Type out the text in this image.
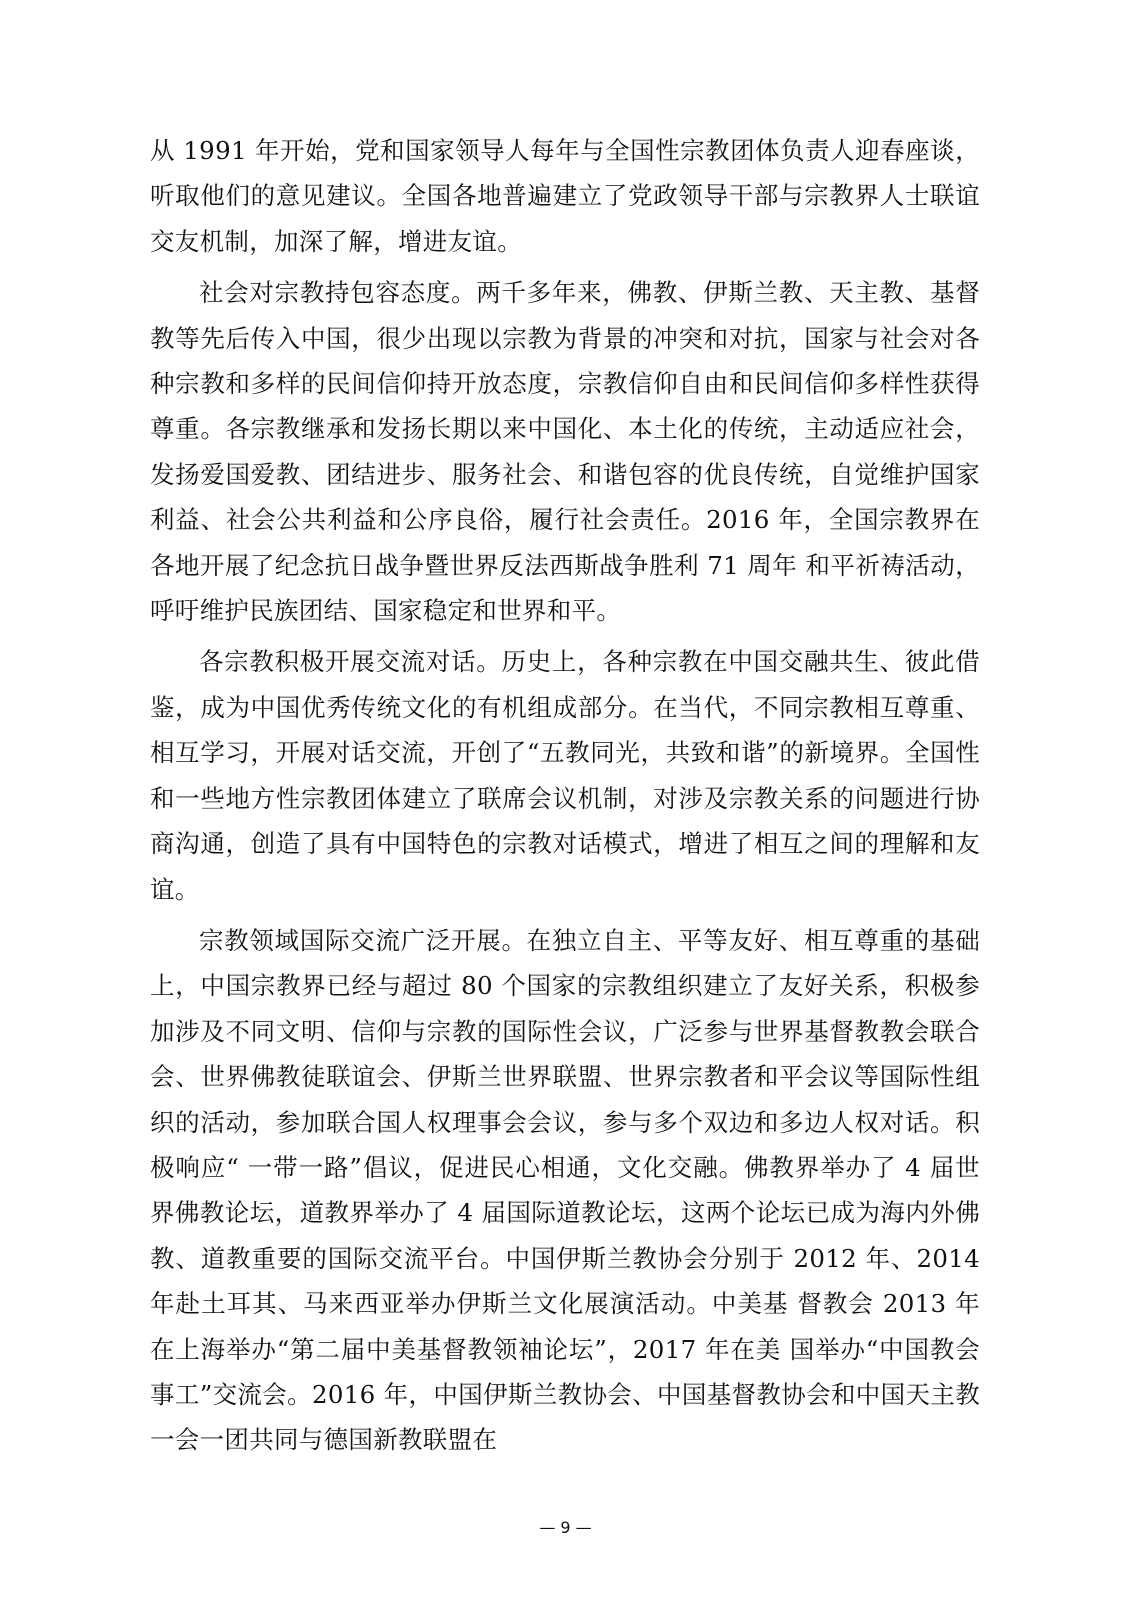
从 1991 年开始，党和国家领导人每年与全国性宗教团体负责人迎春座谈，听取他们的意见建议。全国各地普遍建立了党政领导干部与宗教界人士联谊交友机制，加深了解，增进友谊。

社会对宗教持包容态度。两千多年来，佛教、伊斯兰教、天主教、基督教等先后传入中国，很少出现以宗教为背景的冲突和对抗，国家与社会对各种宗教和多样的民间信仰持开放态度，宗教信仰自由和民间信仰多样性获得尊重。各宗教继承和发扬长期以来中国化、本土化的传统，主动适应社会，发扬爱国爱教、团结进步、服务社会、和谐包容的优良传统，自觉维护国家利益、社会公共利益和公序良俗，履行社会责任。2016 年，全国宗教界在各地开展了纪念抗日战争暨世界反法西斯战争胜利 71 周年 和平祈祷活动，呼吁维护民族团结、国家稳定和世界和平。

各宗教积极开展交流对话。历史上，各种宗教在中国交融共生、彼此借鉴，成为中国优秀传统文化的有机组成部分。在当代，不同宗教相互尊重、相互学习，开展对话交流，开创了“五教同光，共致和谐”的新境界。全国性和一些地方性宗教团体建立了联席会议机制，对涉及宗教关系的问题进行协商沟通，创造了具有中国特色的宗教对话模式，增进了相互之间的理解和友谊。

宗教领域国际交流广泛开展。在独立自主、平等友好、相互尊重的基础上，中国宗教界已经与超过 80 个国家的宗教组织建立了友好关系，积极参加涉及不同文明、信仰与宗教的国际性会议，广泛参与世界基督教教会联合会、世界佛教徒联谊会、伊斯兰世界联盟、世界宗教者和平会议等国际性组织的活动，参加联合国人权理事会会议，参与多个双边和多边人权对话。积极响应“ 一带一路”倡议，促进民心相通，文化交融。佛教界举办了 4 届世界佛教论坛，道教界举办了 4 届国际道教论坛，这两个论坛已成为海内外佛教、道教重要的国际交流平台。中国伊斯兰教协会分别于 2012 年、2014 年赴土耳其、马来西亚举办伊斯兰文化展演活动。中美基 督教会 2013 年在上海举办“第二届中美基督教领袖论坛”，2017 年在美 国举办“中国教会事工”交流会。2016 年，中国伊斯兰教协会、中国基督教协会和中国天主教一会一团共同与德国新教联盟在

— 9 —
